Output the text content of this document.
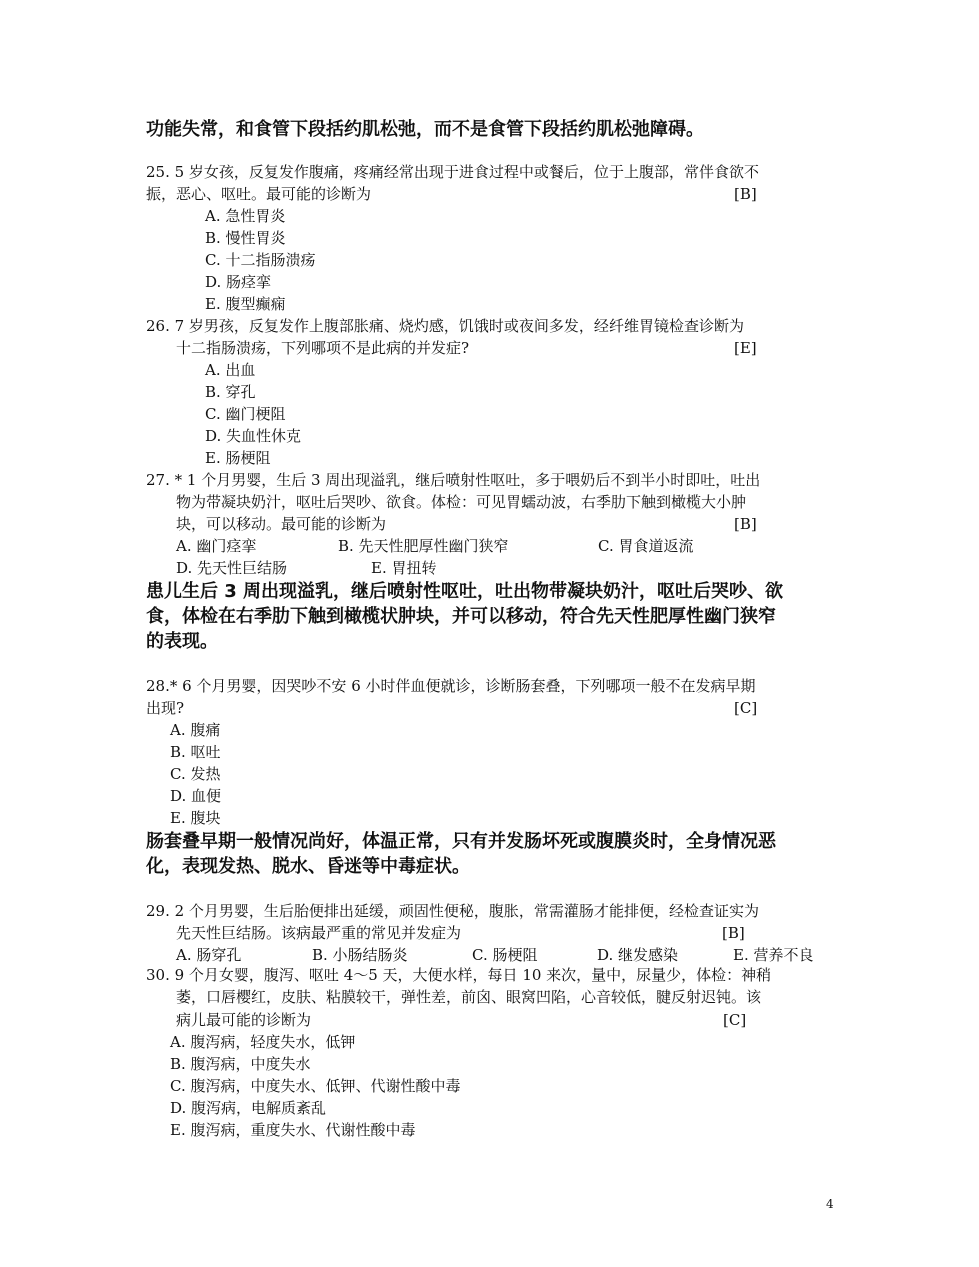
功能失常，和食管下段括约肌松弛，而不是食管下段括约肌松弛障碍。
25. 5 岁女孩，反复发作腹痛，疼痛经常出现于进食过程中或餐后，位于上腹部，常伴食欲不
振，恶心、呕吐。最可能的诊断为	[B]
A. 急性胃炎
B. 慢性胃炎
C. 十二指肠溃疡
D. 肠痉挛
E. 腹型癫痫
26. 7 岁男孩，反复发作上腹部胀痛、烧灼感，饥饿时或夜间多发，经纤维胃镜检查诊断为
十二指肠溃疡，下列哪项不是此病的并发症?	[E]
A. 出血
B. 穿孔
C. 幽门梗阻
D. 失血性休克
E. 肠梗阻
27. * 1 个月男婴，生后 3 周出现溢乳，继后喷射性呕吐，多于喂奶后不到半小时即吐，吐出
物为带凝块奶汁，呕吐后哭吵、欲食。体检：可见胃蠕动波，右季肋下触到橄榄大小肿
块，可以移动。最可能的诊断为	[B]
A. 幽门痉挛	B. 先天性肥厚性幽门狭窄	C. 胃食道返流
D. 先天性巨结肠	E. 胃扭转
患儿生后 3 周出现溢乳，继后喷射性呕吐，吐出物带凝块奶汁，呕吐后哭吵、欲
食，体检在右季肋下触到橄榄状肿块，并可以移动，符合先天性肥厚性幽门狭窄
的表现。
28.* 6 个月男婴，因哭吵不安 6 小时伴血便就诊，诊断肠套叠，下列哪项一般不在发病早期
出现?	[C]
A. 腹痛
B. 呕吐
C. 发热
D. 血便
E. 腹块
肠套叠早期一般情况尚好，体温正常，只有并发肠坏死或腹膜炎时，全身情况恶
化，表现发热、脱水、昏迷等中毒症状。
29. 2 个月男婴，生后胎便排出延缓，顽固性便秘，腹胀，常需灌肠才能排便，经检查证实为
先天性巨结肠。该病最严重的常见并发症为	[B]
A. 肠穿孔	B. 小肠结肠炎	C. 肠梗阻	D. 继发感染	E. 营养不良
30. 9 个月女婴，腹泻、呕吐 4～5 天，大便水样，每日 10 来次，量中，尿量少，体检：神稍
萎，口唇樱红，皮肤、粘膜较干，弹性差，前囟、眼窝凹陷，心音较低，腱反射迟钝。该
病儿最可能的诊断为	[C]
A. 腹泻病，轻度失水，低钾
B. 腹泻病，中度失水
C. 腹泻病，中度失水、低钾、代谢性酸中毒
D. 腹泻病，电解质紊乱
E. 腹泻病，重度失水、代谢性酸中毒
4
